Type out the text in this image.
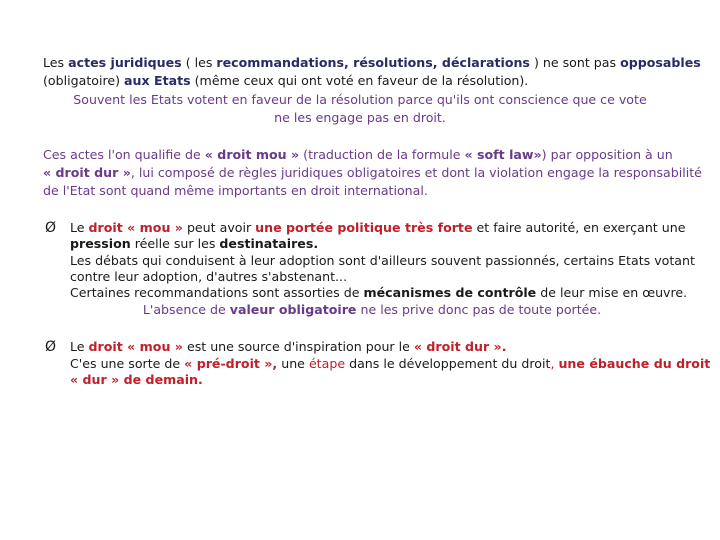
Les actes juridiques ( les recommandations, résolutions, déclarations ) ne sont pas opposables
(obligatoire) aux Etats (même ceux qui ont voté en faveur de la résolution).
Souvent les Etats votent en faveur de la résolution parce qu'ils ont conscience que ce vote
ne les engage pas en droit.
Ces actes l'on qualifie de « droit mou » (traduction de la formule « soft law») par opposition à un
« droit dur », lui composé de règles juridiques obligatoires et dont la violation engage la responsabilité
de l'Etat sont quand même importants en droit international.
Ø Le droit « mou » peut avoir une portée politique très forte et faire autorité, en exerçant une
pression réelle sur les destinataires.
Les débats qui conduisent à leur adoption sont d'ailleurs souvent passionnés, certains Etats votant
contre leur adoption, d'autres s'abstenant...
Certaines recommandations sont assorties de mécanismes de contrôle de leur mise en œuvre.
L'absence de valeur obligatoire ne les prive donc pas de toute portée.
Ø Le droit « mou » est une source d'inspiration pour le « droit dur ».
C'es une sorte de « pré-droit », une étape dans le développement du droit, une ébauche du droit
« dur » de demain.
